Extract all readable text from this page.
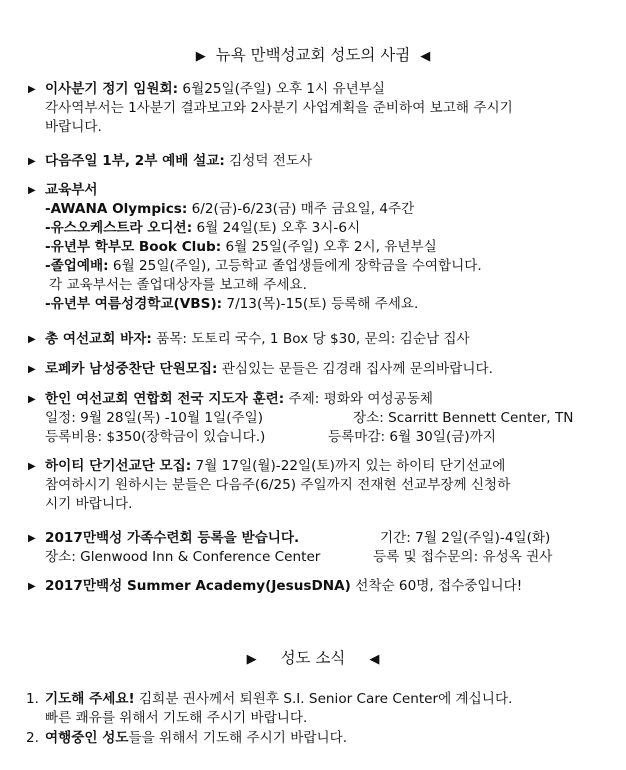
▶ 뉴욕 만백성교회 성도의 사귐 ◀
▶ 이사분기 정기 임원회: 6월25일(주일) 오후 1시 유년부실
각사역부서는 1사분기 결과보고와 2사분기 사업계획을 준비하여 보고해 주시기
바랍니다.
▶ 다음주일 1부, 2부 예배 설교: 김성덕 전도사
▶ 교육부서
-AWANA Olympics: 6/2(금)-6/23(금) 매주 금요일, 4주간
-유스오케스트라 오디션: 6월 24일(토) 오후 3시-6시
-유년부 학부모 Book Club: 6월 25일(주일) 오후 2시, 유년부실
-졸업예배: 6월 25일(주일), 고등학교 졸업생들에게 장학금을 수여합니다.
각 교육부서는 졸업대상자를 보고해 주세요.
-유년부 여름성경학교(VBS): 7/13(목)-15(토) 등록해 주세요.
▶ 총 여선교회 바자: 품목: 도토리 국수, 1 Box 당 $30, 문의: 김순남 집사
▶ 로페카 남성중찬단 단원모집: 관심있는 문들은 김경래 집사께 문의바랍니다.
▶ 한인 여선교회 연합회 전국 지도자 훈련: 주제: 평화와 여성공동체
일정: 9월 28일(목) -10월 1일(주일)	장소: Scarritt Bennett Center, TN
등록비용: $350(장학금이 있습니다.)	등록마감: 6월 30일(금)까지
▶ 하이티 단기선교단 모집: 7월 17일(월)-22일(토)까지 있는 하이티 단기선교에
참여하시기 원하시는 분들은 다음주(6/25) 주일까지 전재현 선교부장께 신청하
시기 바랍니다.
▶ 2017만백성 가족수련회 등록을 받습니다.	기간: 7월 2일(주일)-4일(화)
장소: Glenwood Inn & Conference Center	등록 및 접수문의: 유성옥 권사
▶ 2017만백성 Summer Academy(JesusDNA) 선착순 60명, 접수중입니다!
▶ 성도 소식 ◀
1. 기도해 주세요! 김희분 권사께서 퇴원후 S.I. Senior Care Center에 계십니다.
빠른 쾌유를 위해서 기도해 주시기 바랍니다.
2. 여행중인 성도들을 위해서 기도해 주시기 바랍니다.
